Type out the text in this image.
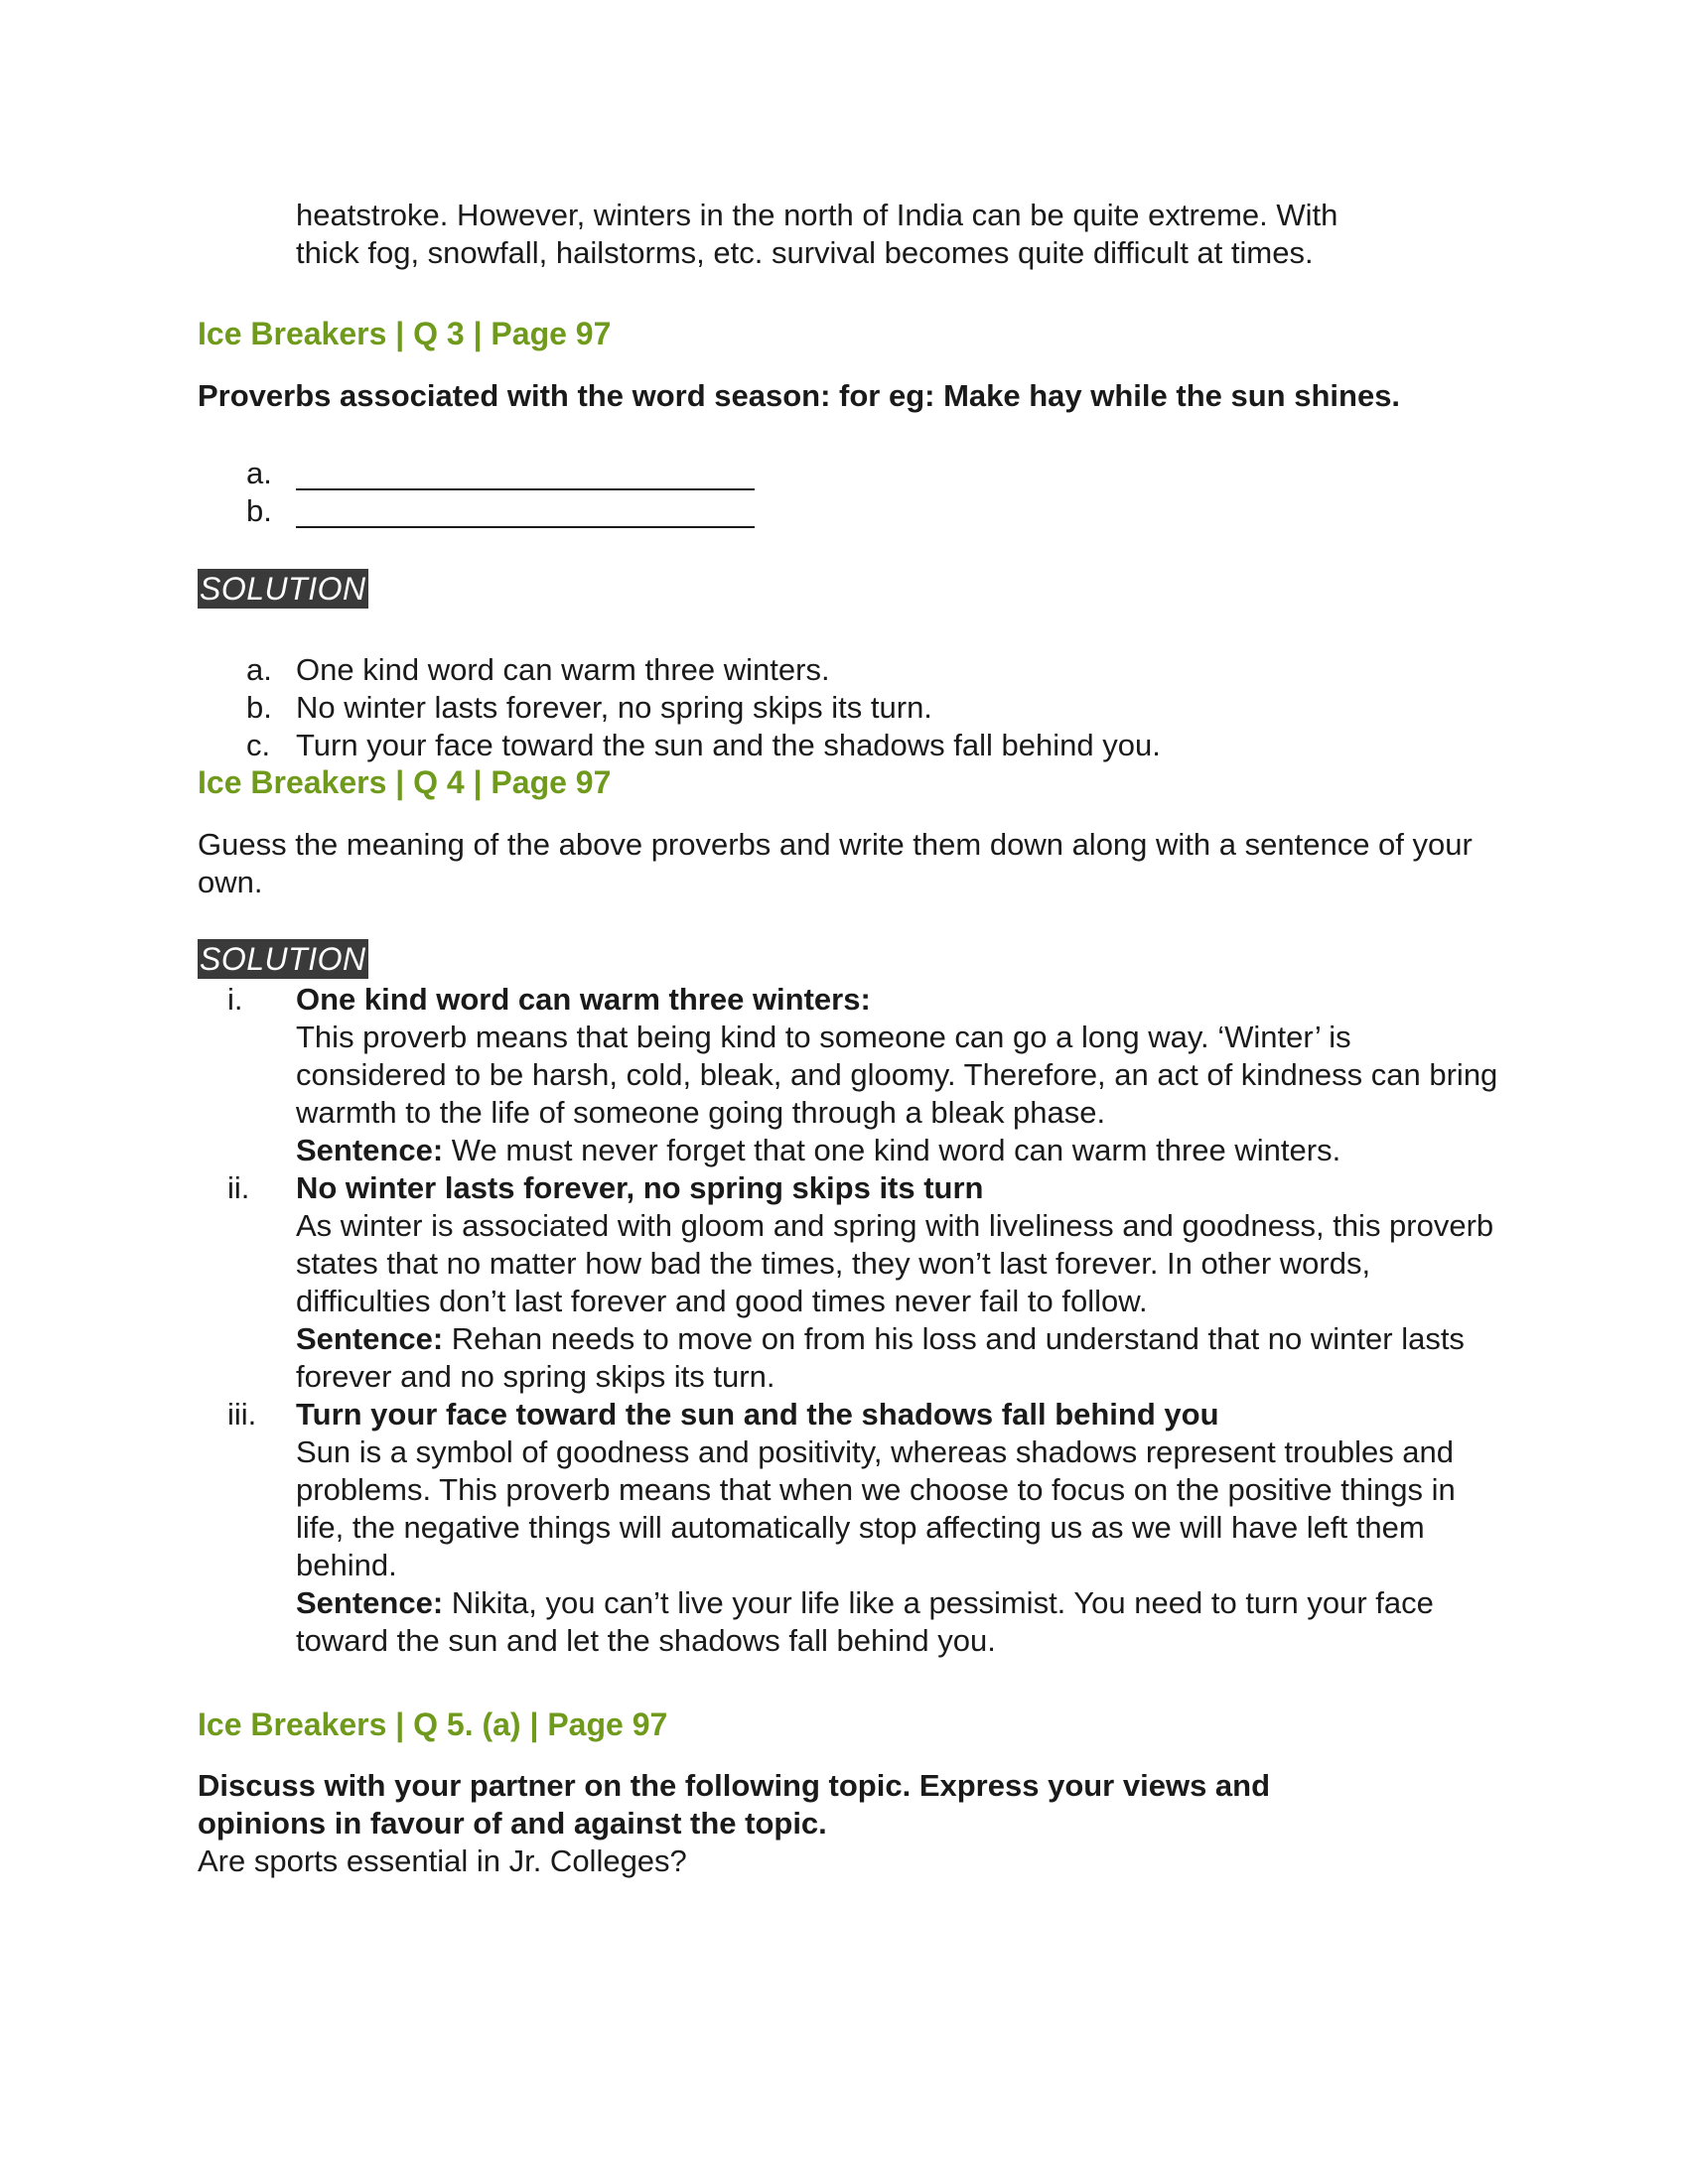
heatstroke. However, winters in the north of India can be quite extreme. With
thick fog, snowfall, hailstorms, etc. survival becomes quite difficult at times.
Ice Breakers | Q 3 | Page 97
Proverbs associated with the word season: for eg: Make hay while the sun shines.
a.
b.
SOLUTION
a. One kind word can warm three winters.
b. No winter lasts forever, no spring skips its turn.
c. Turn your face toward the sun and the shadows fall behind you.
Ice Breakers | Q 4 | Page 97
Guess the meaning of the above proverbs and write them down along with a sentence of your own.
SOLUTION
i.	One kind word can warm three winters:
This proverb means that being kind to someone can go a long way. ‘Winter’ is considered to be harsh, cold, bleak, and gloomy. Therefore, an act of kindness can bring warmth to the life of someone going through a bleak phase.
Sentence: We must never forget that one kind word can warm three winters.
ii.	No winter lasts forever, no spring skips its turn
As winter is associated with gloom and spring with liveliness and goodness, this proverb states that no matter how bad the times, they won’t last forever. In other words, difficulties don’t last forever and good times never fail to follow.
Sentence: Rehan needs to move on from his loss and understand that no winter lasts forever and no spring skips its turn.
iii.	Turn your face toward the sun and the shadows fall behind you
Sun is a symbol of goodness and positivity, whereas shadows represent troubles and problems. This proverb means that when we choose to focus on the positive things in life, the negative things will automatically stop affecting us as we will have left them behind.
Sentence: Nikita, you can’t live your life like a pessimist. You need to turn your face toward the sun and let the shadows fall behind you.
Ice Breakers | Q 5. (a) | Page 97
Discuss with your partner on the following topic. Express your views and opinions in favour of and against the topic.
Are sports essential in Jr. Colleges?
